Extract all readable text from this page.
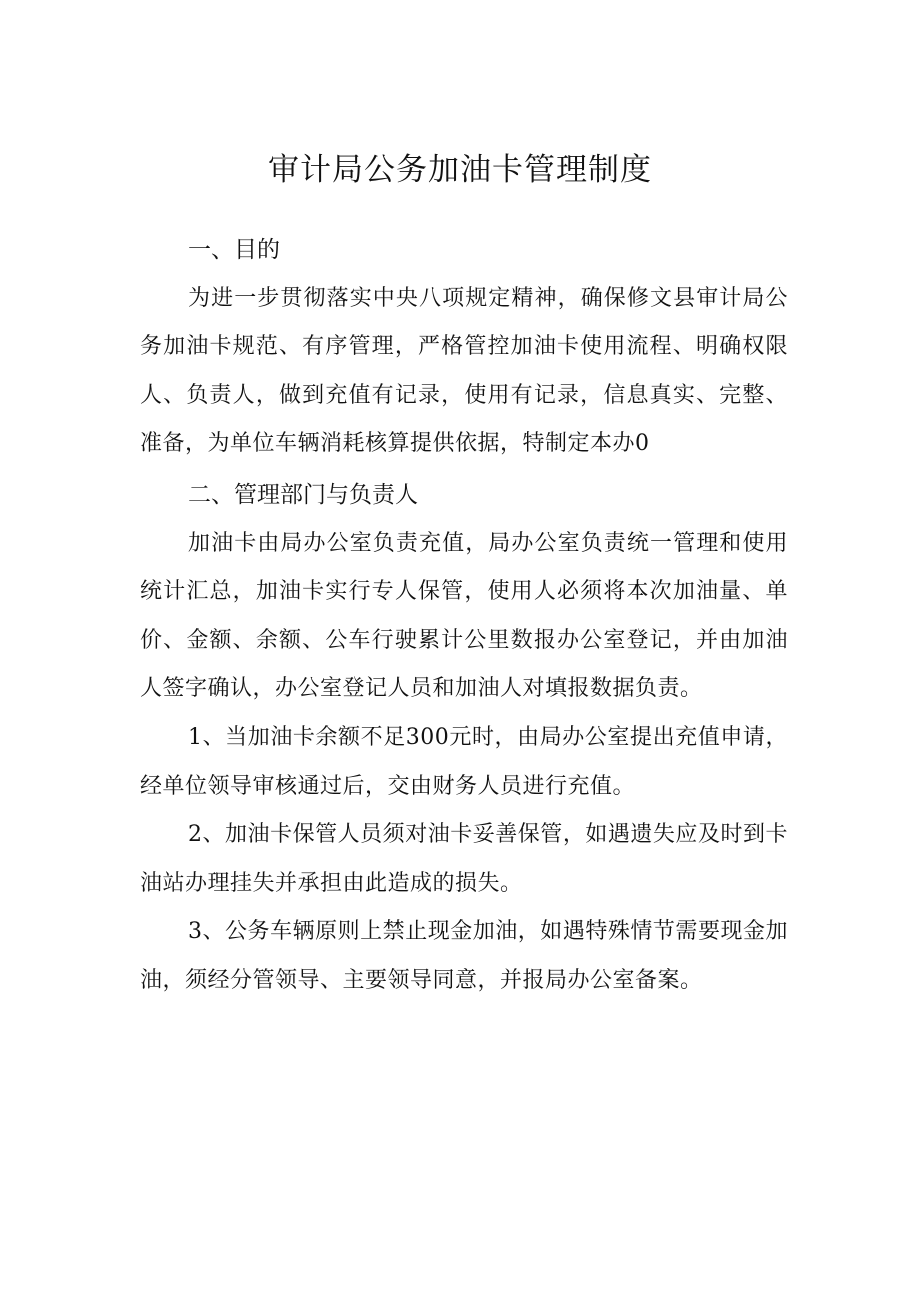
审计局公务加油卡管理制度

一、目的

为进一步贯彻落实中央八项规定精神，确保修文县审计局公务加油卡规范、有序管理，严格管控加油卡使用流程、明确权限人、负责人，做到充值有记录，使用有记录，信息真实、完整、准备，为单位车辆消耗核算提供依据，特制定本办0

二、管理部门与负责人

加油卡由局办公室负责充值，局办公室负责统一管理和使用统计汇总，加油卡实行专人保管，使用人必须将本次加油量、单价、金额、余额、公车行驶累计公里数报办公室登记，并由加油人签字确认，办公室登记人员和加油人对填报数据负责。

1、当加油卡余额不足300元时，由局办公室提出充值申请，经单位领导审核通过后，交由财务人员进行充值。

2、加油卡保管人员须对油卡妥善保管，如遇遗失应及时到卡油站办理挂失并承担由此造成的损失。

3、公务车辆原则上禁止现金加油，如遇特殊情节需要现金加油，须经分管领导、主要领导同意，并报局办公室备案。
